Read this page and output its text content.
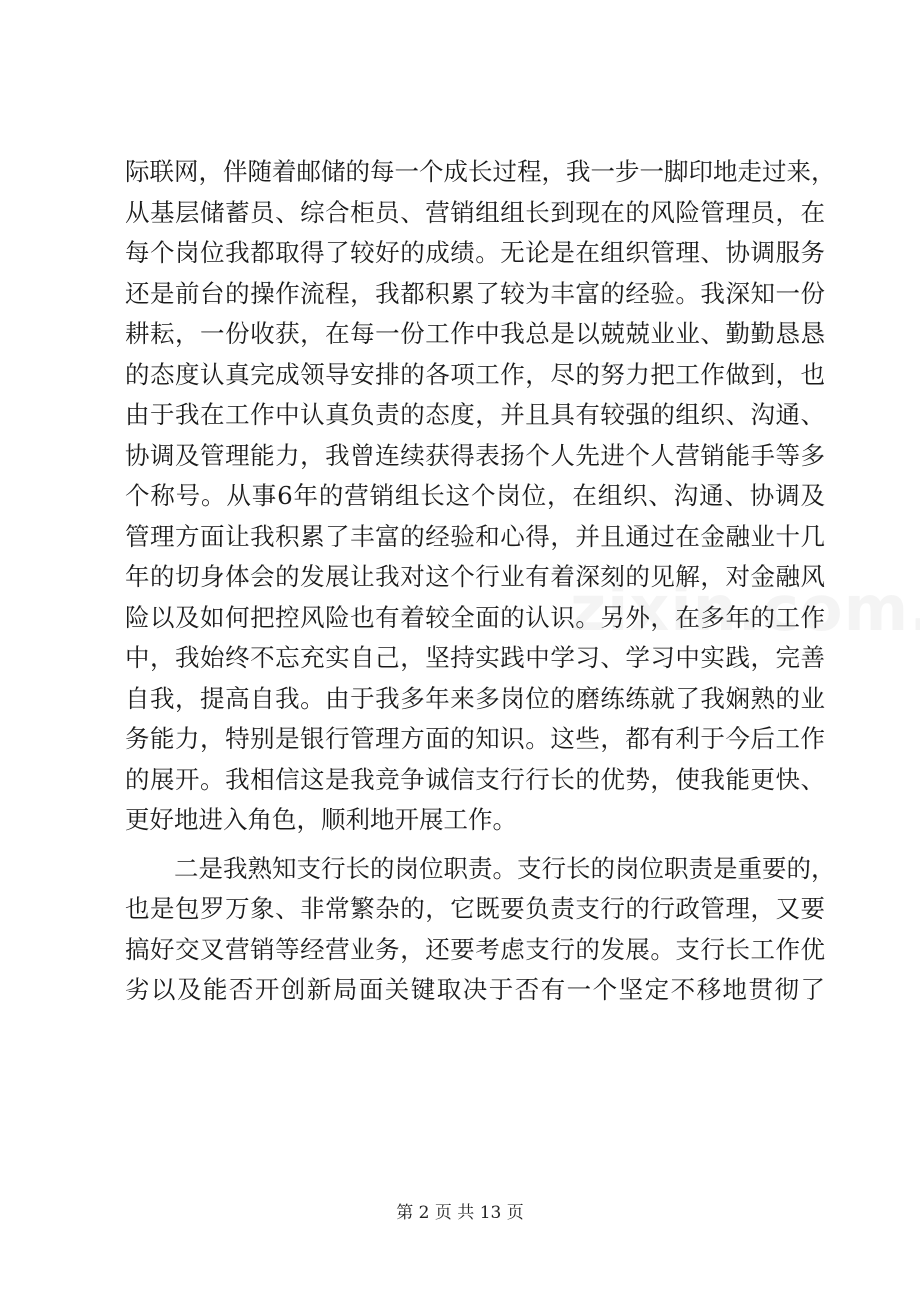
际联网，伴随着邮储的每一个成长过程，我一步一脚印地走过来，
从基层储蓄员、综合柜员、营销组组长到现在的风险管理员，在
每个岗位我都取得了较好的成绩。无论是在组织管理、协调服务
还是前台的操作流程，我都积累了较为丰富的经验。我深知一份
耕耘，一份收获，在每一份工作中我总是以兢兢业业、勤勤恳恳
的态度认真完成领导安排的各项工作，尽的努力把工作做到，也
由于我在工作中认真负责的态度，并且具有较强的组织、沟通、
协调及管理能力，我曾连续获得表扬个人先进个人营销能手等多
个称号。从事6年的营销组长这个岗位，在组织、沟通、协调及
管理方面让我积累了丰富的经验和心得，并且通过在金融业十几
年的切身体会的发展让我对这个行业有着深刻的见解，对金融风
险以及如何把控风险也有着较全面的认识。另外，在多年的工作
中，我始终不忘充实自己，坚持实践中学习、学习中实践，完善
自我，提高自我。由于我多年来多岗位的磨练练就了我娴熟的业
务能力，特别是银行管理方面的知识。这些，都有利于今后工作
的展开。我相信这是我竞争诚信支行行长的优势，使我能更快、
更好地进入角色，顺利地开展工作。
　　二是我熟知支行长的岗位职责。支行长的岗位职责是重要的，
也是包罗万象、非常繁杂的，它既要负责支行的行政管理，又要
搞好交叉营销等经营业务，还要考虑支行的发展。支行长工作优
劣以及能否开创新局面关键取决于否有一个坚定不移地贯彻了
第 2 页 共 13 页
